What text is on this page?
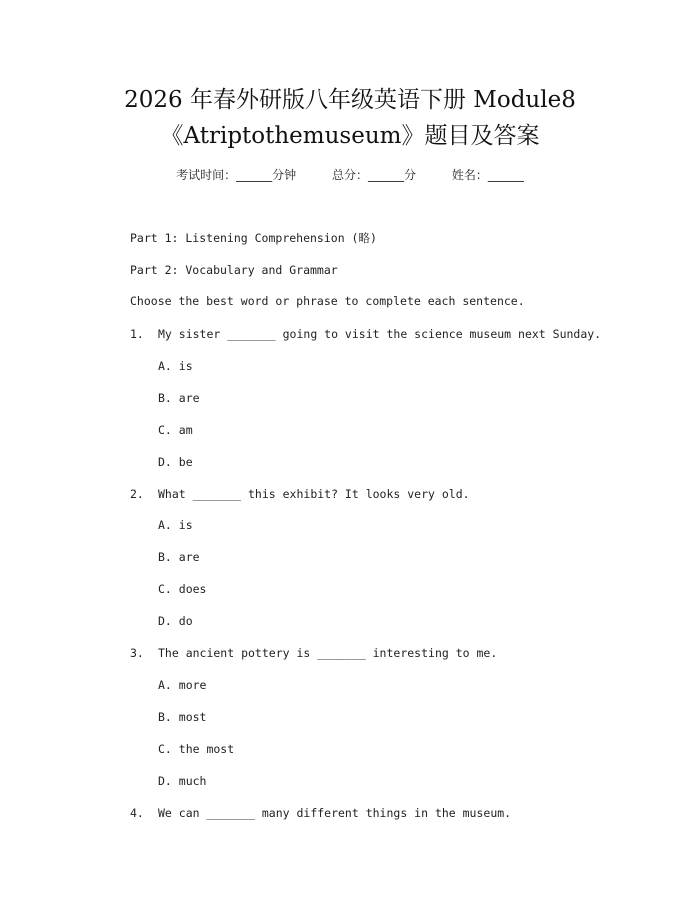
2026 年春外研版八年级英语下册 Module8
《Atriptothemuseum》题目及答案
考试时间：______分钟	总分：______分	姓名：______
Part 1: Listening Comprehension (略)
Part 2: Vocabulary and Grammar
Choose the best word or phrase to complete each sentence.
1. My sister _______ going to visit the science museum next Sunday.
A. is
B. are
C. am
D. be
2. What _______ this exhibit? It looks very old.
A. is
B. are
C. does
D. do
3. The ancient pottery is _______ interesting to me.
A. more
B. most
C. the most
D. much
4. We can _______ many different things in the museum.
